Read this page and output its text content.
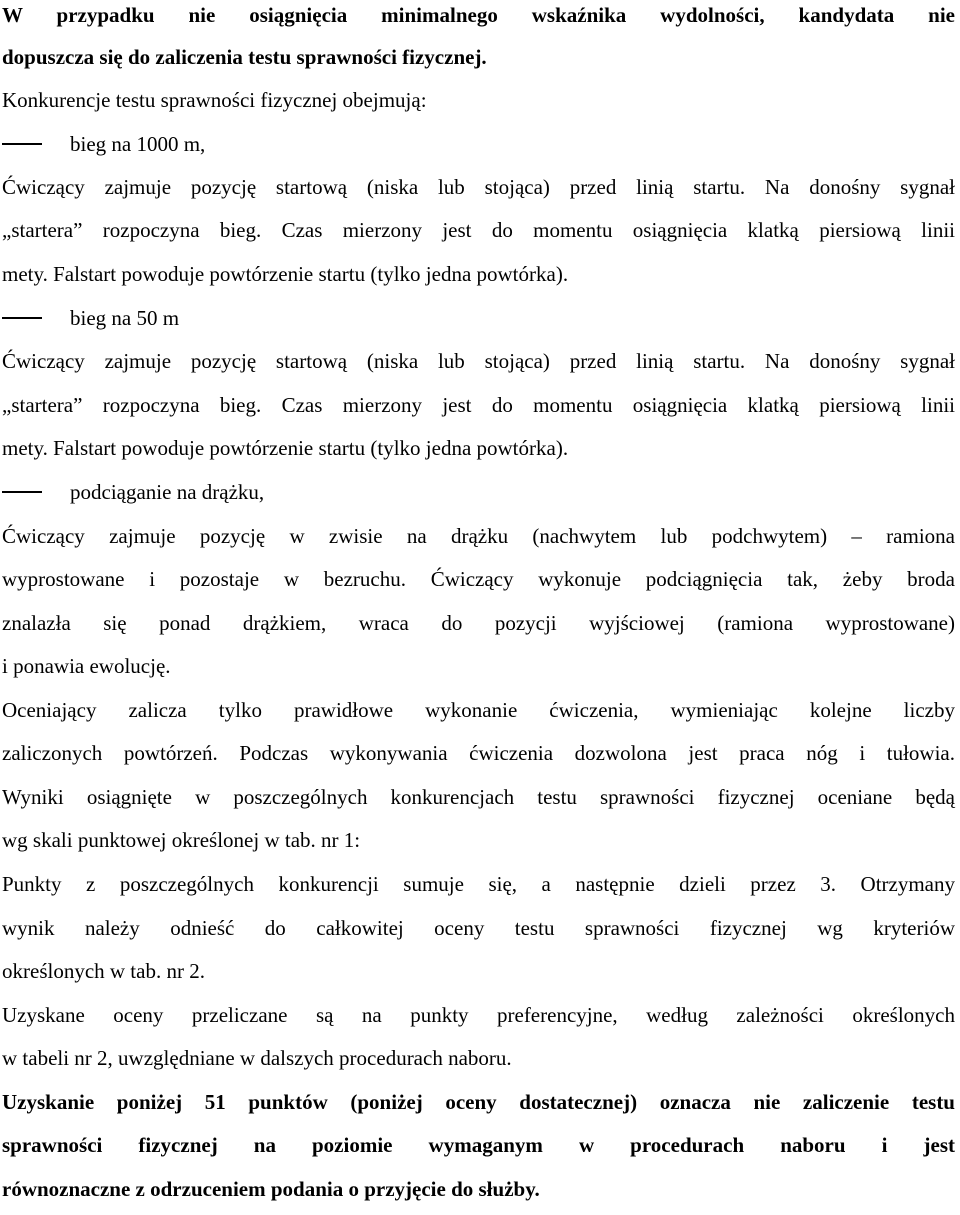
W przypadku nie osiągnięcia minimalnego wskaźnika wydolności, kandydata nie
dopuszcza się do zaliczenia testu sprawności fizycznej.
Konkurencje testu sprawności fizycznej obejmują:
bieg na 1000 m,
Ćwiczący zajmuje pozycję startową (niska lub stojąca) przed linią startu. Na donośny sygnał
„startera” rozpoczyna bieg. Czas mierzony jest do momentu osiągnięcia klatką piersiową linii
mety. Falstart powoduje powtórzenie startu (tylko jedna powtórka).
bieg na 50 m
Ćwiczący zajmuje pozycję startową (niska lub stojąca) przed linią startu. Na donośny sygnał
„startera” rozpoczyna bieg. Czas mierzony jest do momentu osiągnięcia klatką piersiową linii
mety. Falstart powoduje powtórzenie startu (tylko jedna powtórka).
podciąganie na drążku,
Ćwiczący zajmuje pozycję w zwisie na drążku (nachwytem lub podchwytem) – ramiona
wyprostowane i pozostaje w bezruchu. Ćwiczący wykonuje podciągnięcia tak, żeby broda
znalazła się ponad drążkiem, wraca do pozycji wyjściowej (ramiona wyprostowane)
i ponawia ewolucję.
Oceniający zalicza tylko prawidłowe wykonanie ćwiczenia, wymieniając kolejne liczby
zaliczonych powtórzeń. Podczas wykonywania ćwiczenia dozwolona jest praca nóg i tułowia.
Wyniki osiągnięte w poszczególnych konkurencjach testu sprawności fizycznej oceniane będą
wg skali punktowej określonej w tab. nr 1:
Punkty z poszczególnych konkurencji sumuje się, a następnie dzieli przez 3. Otrzymany
wynik należy odnieść do całkowitej oceny testu sprawności fizycznej wg kryteriów
określonych w tab. nr 2.
Uzyskane oceny przeliczane są na punkty preferencyjne, według zależności określonych
w tabeli nr 2, uwzględniane w dalszych procedurach naboru.
Uzyskanie poniżej 51 punktów (poniżej oceny dostatecznej) oznacza nie zaliczenie testu
sprawności fizycznej na poziomie wymaganym w procedurach naboru i jest
równoznaczne z odrzuceniem podania o przyjęcie do służby.
